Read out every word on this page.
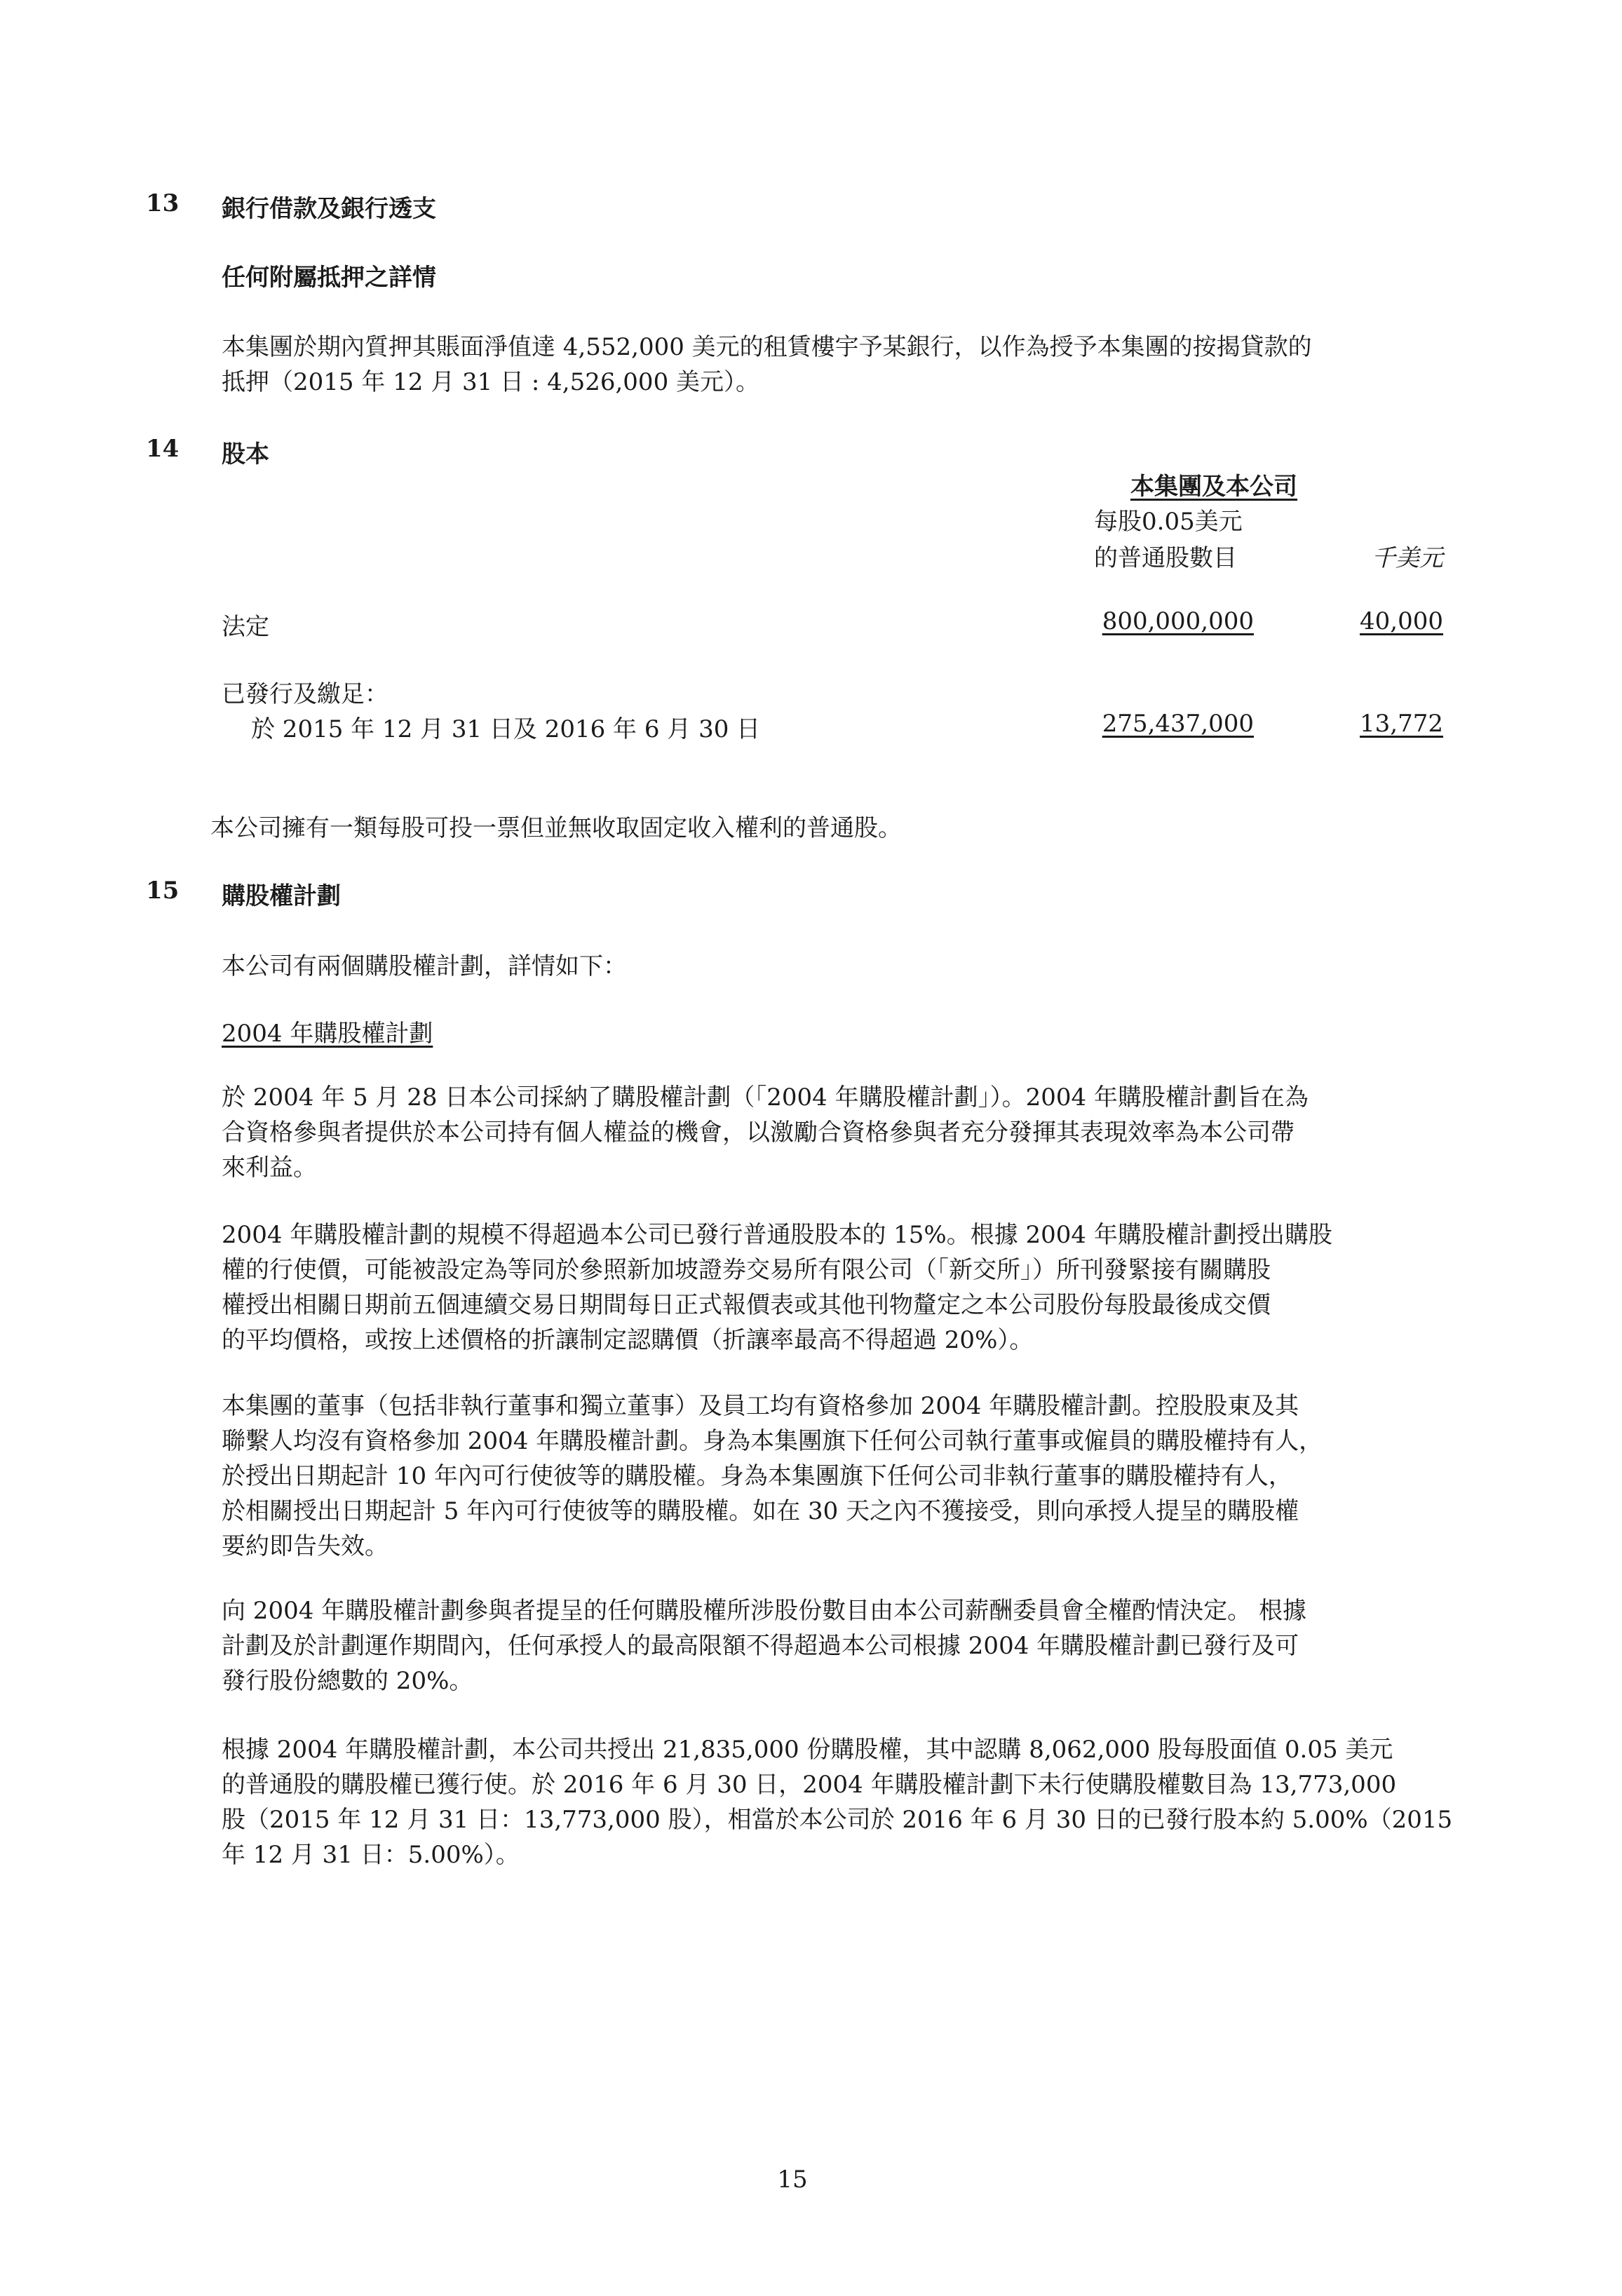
13 銀行借款及銀行透支
任何附屬抵押之詳情
本集團於期內質押其賬面淨值達 4,552,000 美元的租賃樓宇予某銀行，以作為授予本集團的按揭貸款的
抵押（2015 年 12 月 31 日 : 4,526,000 美元）。
14 股本
本集團及本公司
每股0.05美元
的普通股數目	千美元
法定	800,000,000	40,000
已發行及繳足：
於 2015 年 12 月 31 日及 2016 年 6 月 30 日	275,437,000	13,772
本公司擁有一類每股可投一票但並無收取固定收入權利的普通股。
15 購股權計劃
本公司有兩個購股權計劃，詳情如下：
2004 年購股權計劃
於 2004 年 5 月 28 日本公司採納了購股權計劃（「2004 年購股權計劃」）。2004 年購股權計劃旨在為
合資格參與者提供於本公司持有個人權益的機會，以激勵合資格參與者充分發揮其表現效率為本公司帶
來利益。
2004 年購股權計劃的規模不得超過本公司已發行普通股股本的 15%。根據 2004 年購股權計劃授出購股
權的行使價，可能被設定為等同於參照新加坡證券交易所有限公司（「新交所」）所刊發緊接有關購股
權授出相關日期前五個連續交易日期間每日正式報價表或其他刊物釐定之本公司股份每股最後成交價
的平均價格，或按上述價格的折讓制定認購價（折讓率最高不得超過 20%）。
本集團的董事（包括非執行董事和獨立董事）及員工均有資格參加 2004 年購股權計劃。控股股東及其
聯繫人均沒有資格參加 2004 年購股權計劃。身為本集團旗下任何公司執行董事或僱員的購股權持有人，
於授出日期起計 10 年內可行使彼等的購股權。身為本集團旗下任何公司非執行董事的購股權持有人，
於相關授出日期起計 5 年內可行使彼等的購股權。如在 30 天之內不獲接受，則向承授人提呈的購股權
要約即告失效。
向 2004 年購股權計劃參與者提呈的任何購股權所涉股份數目由本公司薪酬委員會全權酌情決定。 根據
計劃及於計劃運作期間內，任何承授人的最高限額不得超過本公司根據 2004 年購股權計劃已發行及可
發行股份總數的 20%。
根據 2004 年購股權計劃，本公司共授出 21,835,000 份購股權，其中認購 8,062,000 股每股面值 0.05 美元
的普通股的購股權已獲行使。於 2016 年 6 月 30 日，2004 年購股權計劃下未行使購股權數目為 13,773,000
股（2015 年 12 月 31 日：13,773,000 股），相當於本公司於 2016 年 6 月 30 日的已發行股本約 5.00%（2015
年 12 月 31 日：5.00%）。
15
